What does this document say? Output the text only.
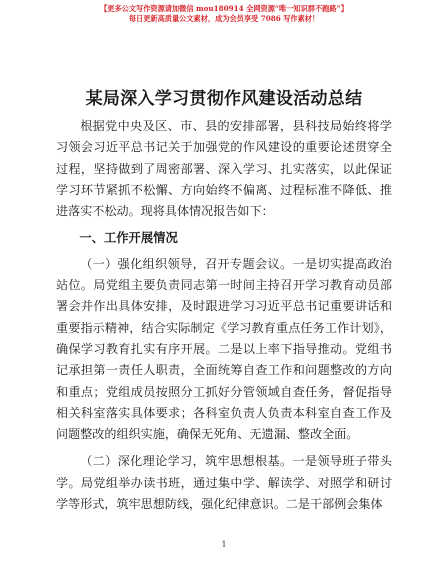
【更多公文写作资源请加微信 mou180914 全网资源“唯一知识群不跑路”】
每日更新高质量公文素材，成为会员享受 7086 写作素材！
某局深入学习贯彻作风建设活动总结

根据党中央及区、市、县的安排部署，县科技局始终将学习领会习近平总书记关于加强党的作风建设的重要论述贯穿全过程，坚持做到了周密部署、深入学习、扎实落实，以此保证学习环节紧抓不松懈、方向始终不偏离、过程标准不降低、推进落实不松动。现将具体情况报告如下：

一、工作开展情况

（一）强化组织领导，召开专题会议。一是切实提高政治站位。局党组主要负责同志第一时间主持召开学习教育动员部署会并作出具体安排，及时跟进学习习近平总书记重要讲话和重要指示精神，结合实际制定《学习教育重点任务工作计划》，确保学习教育扎实有序开展。二是以上率下指导推动。党组书记承担第一责任人职责，全面统筹自查工作和问题整改的方向和重点；党组成员按照分工抓好分管领域自查任务，督促指导相关科室落实具体要求；各科室负责人负责本科室自查工作及问题整改的组织实施，确保无死角、无遗漏、整改全面。

（二）深化理论学习，筑牢思想根基。一是领导班子带头学。局党组举办读书班，通过集中学、解读学、对照学和研讨学等形式，筑牢思想防线，强化纪律意识。二是干部例会集体

1
